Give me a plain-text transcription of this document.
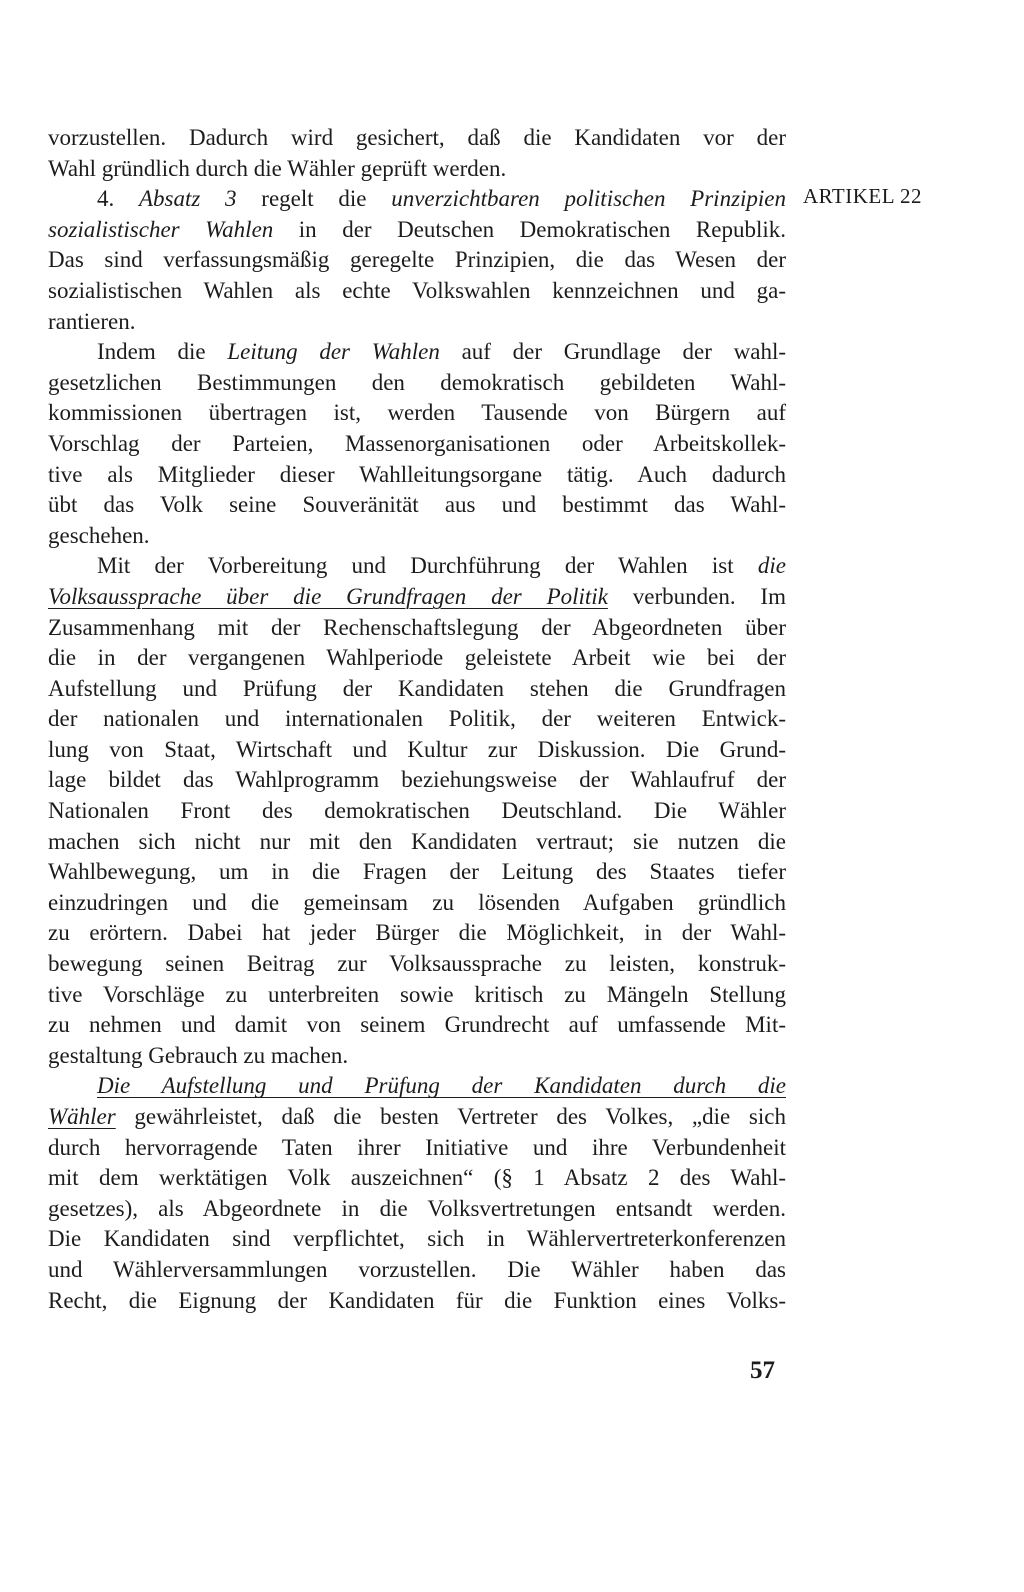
ARTIKEL 22
vorzustellen. Dadurch wird gesichert, daß die Kandidaten vor der
Wahl gründlich durch die Wähler geprüft werden.
4. Absatz 3 regelt die unverzichtbaren politischen Prinzipien
sozialistischer Wahlen in der Deutschen Demokratischen Republik.
Das sind verfassungsmäßig geregelte Prinzipien, die das Wesen der
sozialistischen Wahlen als echte Volkswahlen kennzeichnen und ga-
rantieren.
Indem die Leitung der Wahlen auf der Grundlage der wahl-
gesetzlichen Bestimmungen den demokratisch gebildeten Wahl-
kommissionen übertragen ist, werden Tausende von Bürgern auf
Vorschlag der Parteien, Massenorganisationen oder Arbeitskollek-
tive als Mitglieder dieser Wahlleitungsorgane tätig. Auch dadurch
übt das Volk seine Souveränität aus und bestimmt das Wahl-
geschehen.
Mit der Vorbereitung und Durchführung der Wahlen ist die
Volksaussprache über die Grundfragen der Politik verbunden. Im
Zusammenhang mit der Rechenschaftslegung der Abgeordneten über
die in der vergangenen Wahlperiode geleistete Arbeit wie bei der
Aufstellung und Prüfung der Kandidaten stehen die Grundfragen
der nationalen und internationalen Politik, der weiteren Entwick-
lung von Staat, Wirtschaft und Kultur zur Diskussion. Die Grund-
lage bildet das Wahlprogramm beziehungsweise der Wahlaufruf der
Nationalen Front des demokratischen Deutschland. Die Wähler
machen sich nicht nur mit den Kandidaten vertraut; sie nutzen die
Wahlbewegung, um in die Fragen der Leitung des Staates tiefer
einzudringen und die gemeinsam zu lösenden Aufgaben gründlich
zu erörtern. Dabei hat jeder Bürger die Möglichkeit, in der Wahl-
bewegung seinen Beitrag zur Volksaussprache zu leisten, konstruk-
tive Vorschläge zu unterbreiten sowie kritisch zu Mängeln Stellung
zu nehmen und damit von seinem Grundrecht auf umfassende Mit-
gestaltung Gebrauch zu machen.
Die Aufstellung und Prüfung der Kandidaten durch die
Wähler gewährleistet, daß die besten Vertreter des Volkes, „die sich
durch hervorragende Taten ihrer Initiative und ihre Verbundenheit
mit dem werktätigen Volk auszeichnen“ (§ 1 Absatz 2 des Wahl-
gesetzes), als Abgeordnete in die Volksvertretungen entsandt werden.
Die Kandidaten sind verpflichtet, sich in Wählervertreterkonferenzen
und Wählerversammlungen vorzustellen. Die Wähler haben das
Recht, die Eignung der Kandidaten für die Funktion eines Volks-
57
